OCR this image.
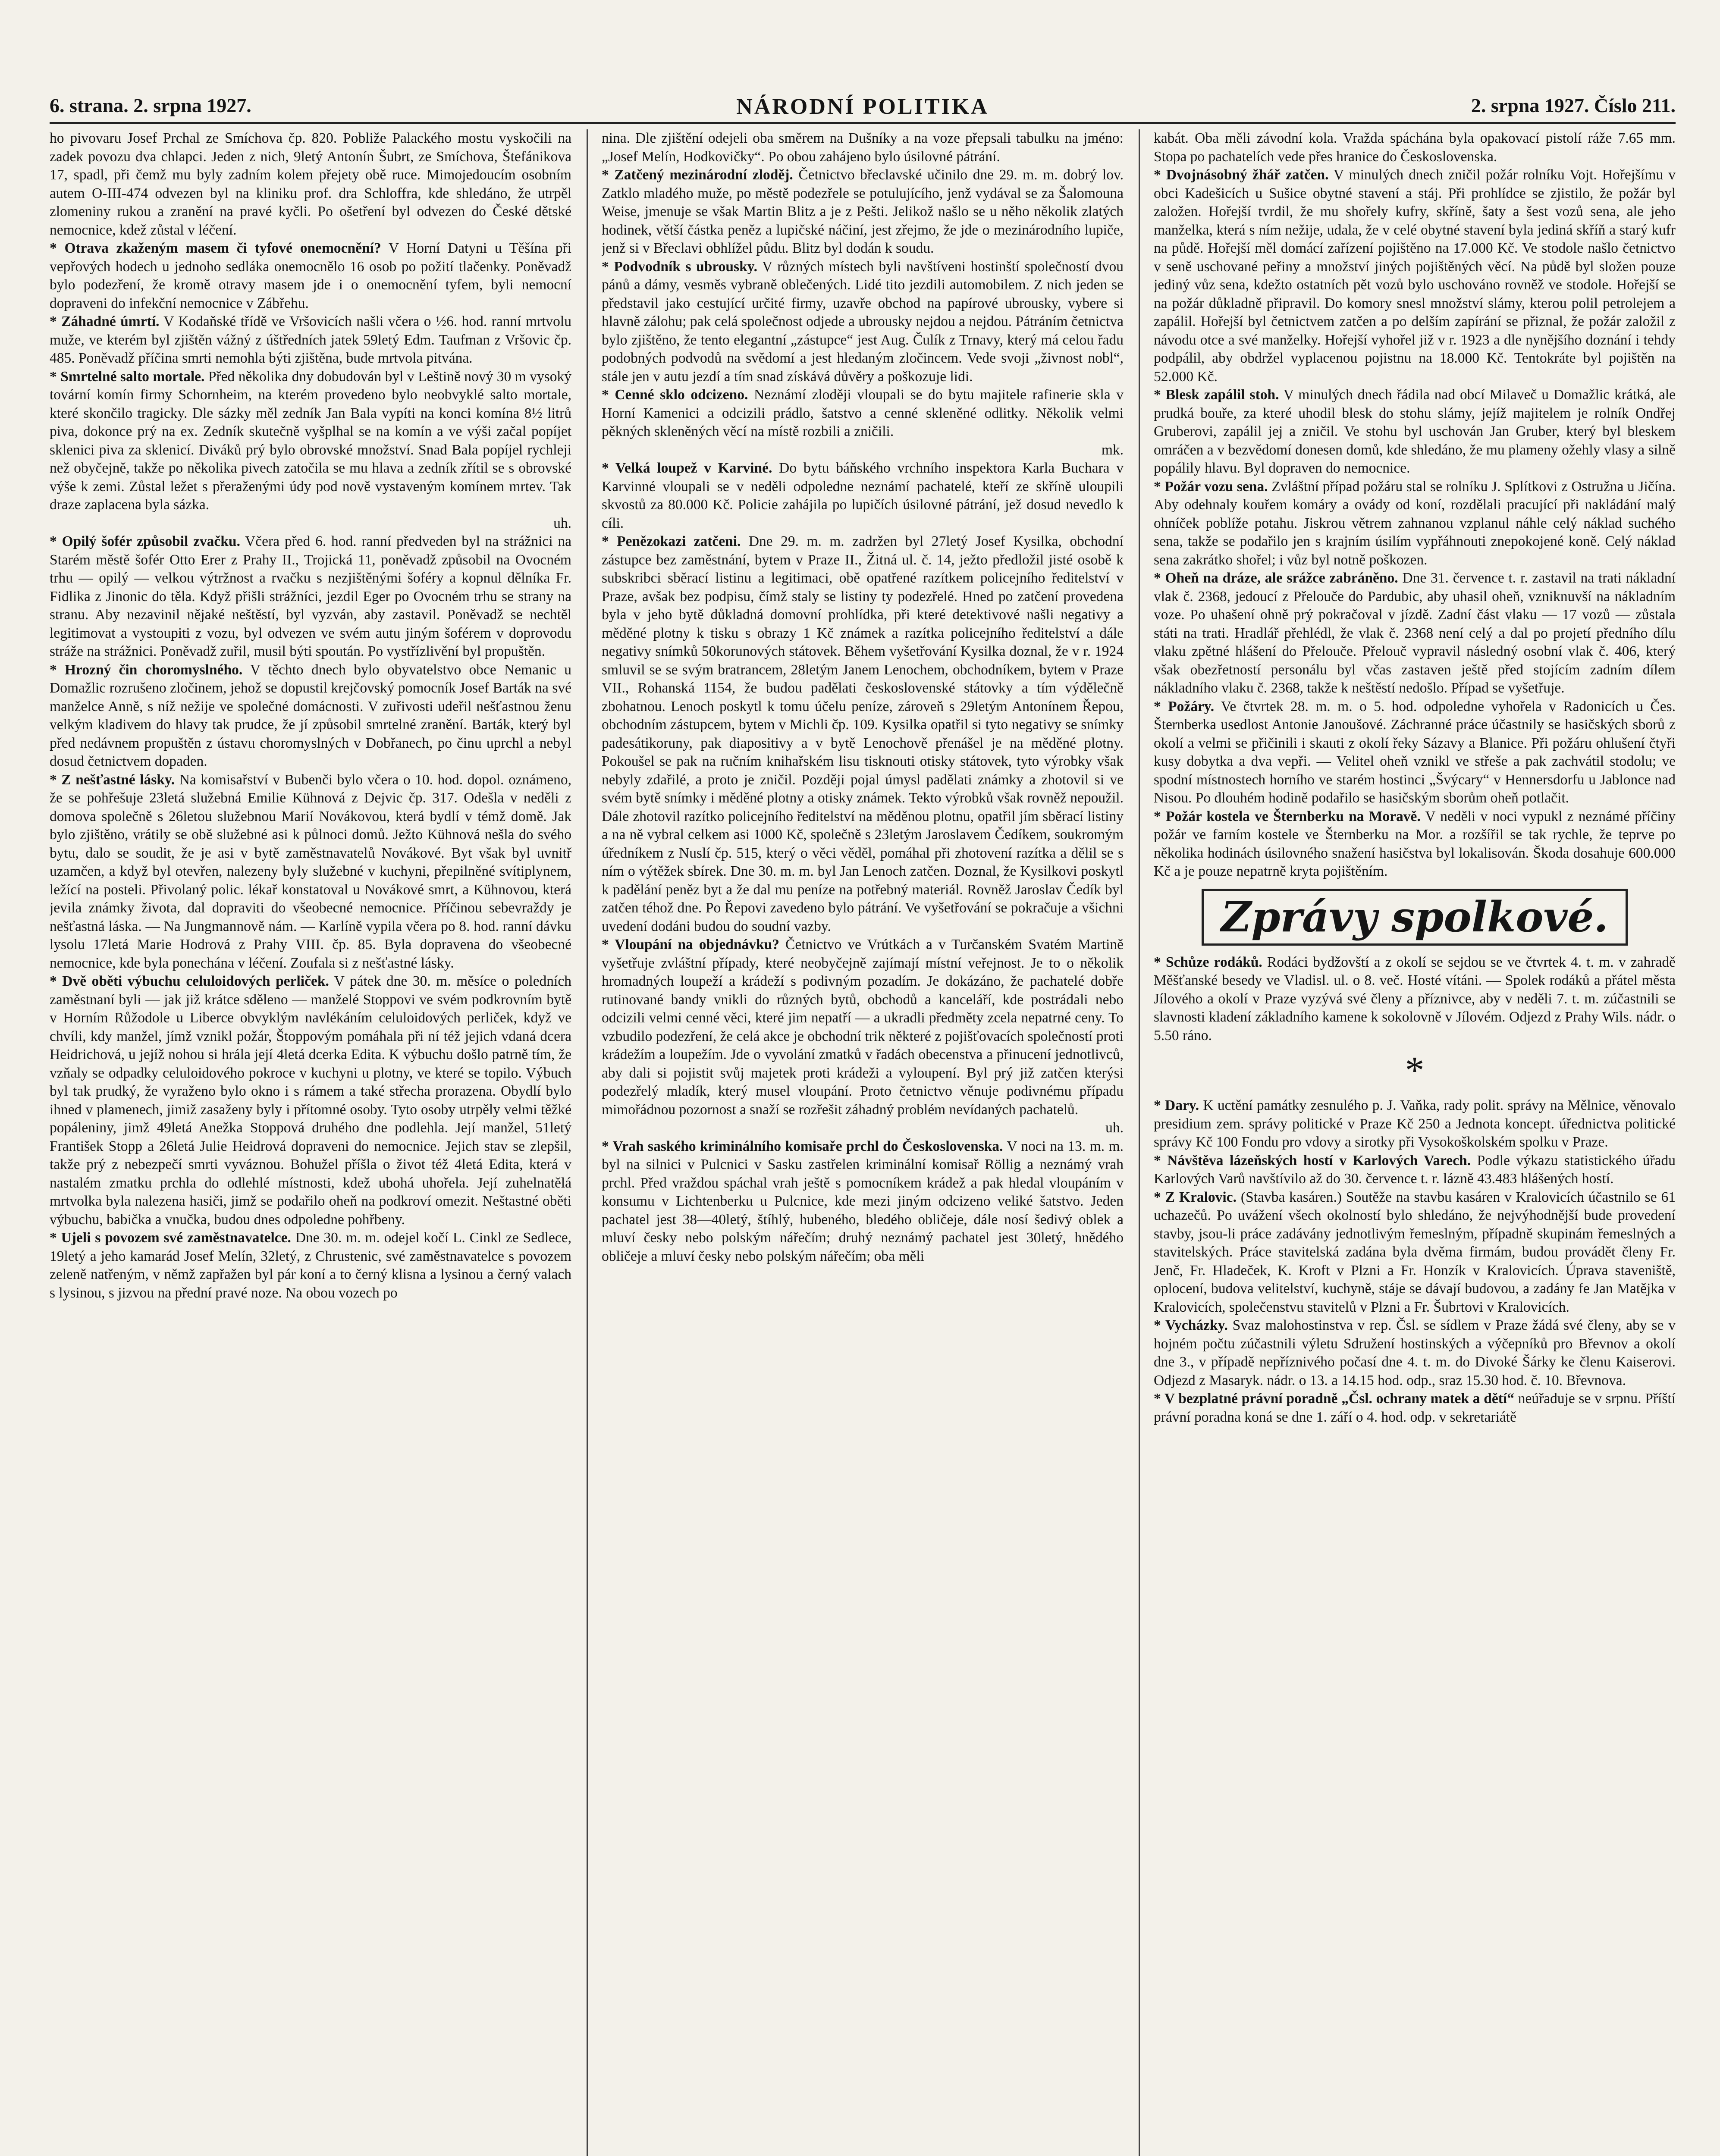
6. strana. 2. srpna 1927.	NÁRODNÍ POLITIKA	2. srpna 1927. Číslo 211.

ho pivovaru Josef Prchal ze Smíchova čp. 820. Pobliže Palackého mostu vyskočili na zadek povozu dva chlapci. Jeden z nich, 9letý Antonín Šubrt, ze Smíchova, Štefánikova 17, spadl, při čemž mu byly zadním kolem přejety obě ruce. Mimojedoucím osobním autem O-III-474 odvezen byl na kliniku prof. dra Schloffra, kde shledáno, že utrpěl zlomeniny rukou a zranění na pravé kyčli. Po ošetření byl odvezen do České dětské nemocnice, kdež zůstal v léčení.

* Otrava zkaženým masem či tyfové onemocnění? V Horní Datyni u Těšína při vepřových hodech u jednoho sedláka onemocnělo 16 osob po požití tlačenky. Poněvadž bylo podezření, že kromě otravy masem jde i o onemocnění tyfem, byli nemocní dopraveni do infekční nemocnice v Zábřehu.

* Záhadné úmrtí. V Kodaňské třídě ve Vršovicích našli včera o ½6. hod. ranní mrtvolu muže, ve kterém byl zjištěn vážný z úštředních jatek 59letý Edm. Taufman z Vršovic čp. 485. Poněvadž příčina smrti nemohla býti zjištěna, bude mrtvola pitvána.

* Smrtelné salto mortale. Před několika dny dobudován byl v Leštině nový 30 m vysoký tovární komín firmy Schornheim, na kterém provedeno bylo neobvyklé salto mortale, které skončilo tragicky. Dle sázky měl zedník Jan Bala vypíti na konci komína 8½ litrů piva, dokonce prý na ex. Zedník skutečně vyšplhal se na komín a ve výši začal popíjet sklenici piva za sklenicí. Diváků prý bylo obrovské množství. Snad Bala popíjel rychleji než obyčejně, takže po několika pivech zatočila se mu hlava a zedník zřítil se s obrovské výše k zemi. Zůstal ležet s přeraženými údy pod nově vystaveným komínem mrtev. Tak draze zaplacena byla sázka.
uh.

* Opilý šofér způsobil zvačku. Včera před 6. hod. ranní předveden byl na strážnici na Starém městě šofér Otto Erer z Prahy II., Trojická 11, poněvadž způsobil na Ovocném trhu — opilý — velkou výtržnost a rvačku s nezjištěnými šoféry a kopnul dělníka Fr. Fidlika z Jinonic do těla. Když přišli strážníci, jezdil Eger po Ovocném trhu se strany na stranu. Aby nezavinil nějaké neštěstí, byl vyzván, aby zastavil. Poněvadž se nechtěl legitimovat a vystoupiti z vozu, byl odvezen ve svém autu jiným šoférem v doprovodu stráže na strážnici. Poněvadž zuřil, musil býti spoután. Po vystřízlivění byl propuštěn.

* Hrozný čin choromyslného. V těchto dnech bylo obyvatelstvo obce Nemanic u Domažlic rozrušeno zločinem, jehož se dopustil krejčovský pomocník Josef Barták na své manželce Anně, s níž nežije ve společné domácnosti. V zuřivosti udeřil nešťastnou ženu velkým kladivem do hlavy tak prudce, že jí způsobil smrtelné zranění. Barták, který byl před nedávnem propuštěn z ústavu choromyslných v Dobřanech, po činu uprchl a nebyl dosud četnictvem dopaden.

* Z nešťastné lásky. Na komisařství v Bubenči bylo včera o 10. hod. dopol. oznámeno, že se pohřešuje 23letá služebná Emilie Kühnová z Dejvic čp. 317. Odešla v neděli z domova společně s 26letou služebnou Marií Novákovou, která bydlí v témž domě. Jak bylo zjištěno, vrátily se obě služebné asi k půlnoci domů. Ježto Kühnová nešla do svého bytu, dalo se soudit, že je asi v bytě zaměstnavatelů Novákové. Byt však byl uvnitř uzamčen, a když byl otevřen, nalezeny byly služebné v kuchyni, přepilněné svítiplynem, ležící na posteli. Přivolaný polic. lékař konstatoval u Novákové smrt, a Kühnovou, která jevila známky života, dal dopraviti do všeobecné nemocnice. Příčinou sebevraždy je nešťastná láska. — Na Jungmannově nám. — Karlíně vypila včera po 8. hod. ranní dávku lysolu 17letá Marie Hodrová z Prahy VIII. čp. 85. Byla dopravena do všeobecné nemocnice, kde byla ponechána v léčení. Zoufala si z nešťastné lásky.

* Dvě oběti výbuchu celuloidových perliček. V pátek dne 30. m. měsíce o poledních zaměstnaní byli — jak již krátce sděleno — manželé Stoppovi ve svém podkrovním bytě v Horním Růžodole u Liberce obvyklým navlékáním celuloidových perliček, když ve chvíli, kdy manžel, jímž vznikl požár, Štoppovým pomáhala při ní též jejich vdaná dcera Heidrichová, u jejíž nohou si hrála její 4letá dcerka Edita. K výbuchu došlo patrně tím, že vzňaly se odpadky celuloidového pokroce v kuchyni u plotny, ve které se topilo. Výbuch byl tak prudký, že vyraženo bylo okno i s rámem a také střecha prorazena. Obydlí bylo ihned v plamenech, jimiž zasaženy byly i přítomné osoby. Tyto osoby utrpěly velmi těžké popáleniny, jimž 49letá Anežka Stoppová druhého dne podlehla. Její manžel, 51letý František Stopp a 26letá Julie Heidrová dopraveni do nemocnice. Jejich stav se zlepšil, takže prý z nebezpečí smrti vyváznou. Bohužel příšla o život též 4letá Edita, která v nastalém zmatku prchla do odlehlé místnosti, kdež ubohá uhořela. Její zuhelnatělá mrtvolka byla nalezena hasiči, jimž se podařilo oheň na podkroví omezit. Neštastné oběti výbuchu, babička a vnučka, budou dnes odpoledne pohřbeny.

* Ujeli s povozem své zaměstnavatelce. Dne 30. m. m. odejel kočí L. Cinkl ze Sedlece, 19letý a jeho kamarád Josef Melín, 32letý, z Chrustenic, své zaměstnavatelce s povozem zeleně natřeným, v němž zapřažen byl pár koní a to černý klisna a lysinou a černý valach s lysinou, s jizvou na přední pravé noze. Na obou vozech po

nina. Dle zjištění odejeli oba směrem na Dušníky a na voze přepsali tabulku na jméno: „Josef Melín, Hodkovičky“. Po obou zahájeno bylo úsilovné pátrání.

* Zatčený mezinárodní zloděj. Četnictvo břeclavské učinilo dne 29. m. m. dobrý lov. Zatklo mladého muže, po městě podezřele se potulujícího, jenž vydával se za Šalomouna Weise, jmenuje se však Martin Blitz a je z Pešti. Jelikož našlo se u něho několik zlatých hodinek, větší částka peněz a lupičské náčiní, jest zřejmo, že jde o mezinárodního lupiče, jenž si v Břeclavi obhlížel půdu. Blitz byl dodán k soudu.

* Podvodník s ubrousky. V různých místech byli navštíveni hostinští společností dvou pánů a dámy, vesměs vybraně oblečených. Lidé tito jezdili automobilem. Z nich jeden se představil jako cestující určité firmy, uzavře obchod na papírové ubrousky, vybere si hlavně zálohu; pak celá společnost odjede a ubrousky nejdou a nejdou. Pátráním četnictva bylo zjištěno, že tento elegantní „zástupce“ jest Aug. Čulík z Trnavy, který má celou řadu podobných podvodů na svědomí a jest hledaným zločincem. Vede svoji „živnost nobl“, stále jen v autu jezdí a tím snad získává důvěry a poškozuje lidi.

* Cenné sklo odcizeno. Neznámí zloději vloupali se do bytu majitele rafinerie skla v Horní Kamenici a odcizili prádlo, šatstvo a cenné skleněné odlitky. Několik velmi pěkných skleněných věcí na místě rozbili a zničili.
mk.

* Velká loupež v Karviné. Do bytu báňského vrchního inspektora Karla Buchara v Karvinné vloupali se v neděli odpoledne neznámí pachatelé, kteří ze skříně uloupili skvostů za 80.000 Kč. Policie zahájila po lupičích úsilovné pátrání, jež dosud nevedlo k cíli.

* Penězokazi zatčeni. Dne 29. m. m. zadržen byl 27letý Josef Kysilka, obchodní zástupce bez zaměstnání, bytem v Praze II., Žitná ul. č. 14, ježto předložil jisté osobě k subskribci sběrací listinu a legitimaci, obě opatřené razítkem policejního ředitelství v Praze, avšak bez podpisu, čímž staly se listiny ty podezřelé. Hned po zatčení provedena byla v jeho bytě důkladná domovní prohlídka, při které detektivové našli negativy a měděné plotny k tisku s obrazy 1 Kč známek a razítka policejního ředitelství a dále negativy snímků 50korunových státovek. Během vyšetřování Kysilka doznal, že v r. 1924 smluvil se se svým bratrancem, 28letým Janem Lenochem, obchodníkem, bytem v Praze VII., Rohanská 1154, že budou padělati československé státovky a tím výdělečně zbohatnou. Lenoch poskytl k tomu účelu peníze, zároveň s 29letým Antonínem Řepou, obchodním zástupcem, bytem v Michli čp. 109. Kysilka opatřil si tyto negativy se snímky padesátikoruny, pak diapositivy a v bytě Lenochově přenášel je na měděné plotny. Pokoušel se pak na ručním knihařském lisu tisknouti otisky státovek, tyto výrobky však nebyly zdařilé, a proto je zničil. Později pojal úmysl padělati známky a zhotovil si ve svém bytě snímky i měděné plotny a otisky známek. Tekto výrobků však rovněž nepoužil. Dále zhotovil razítko policejního ředitelství na měděnou plotnu, opatřil jím sběrací listiny a na ně vybral celkem asi 1000 Kč, společně s 23letým Jaroslavem Čedíkem, soukromým úředníkem z Nuslí čp. 515, který o věci věděl, pomáhal při zhotovení razítka a dělil se s ním o výtěžek sbírek. Dne 30. m. m. byl Jan Lenoch zatčen. Doznal, že Kysilkovi poskytl k padělání peněz byt a že dal mu peníze na potřebný materiál. Rovněž Jaroslav Čedík byl zatčen téhož dne. Po Řepovi zavedeno bylo pátrání. Ve vyšetřování se pokračuje a všichni uvedení dodáni budou do soudní vazby.

* Vloupání na objednávku? Četnictvo ve Vrútkách a v Turčanském Svatém Martině vyšetřuje zvláštní případy, které neobyčejně zajímají místní veřejnost. Je to o několik hromadných loupeží a krádeží s podivným pozadím. Je dokázáno, že pachatelé dobře rutinované bandy vnikli do různých bytů, obchodů a kanceláří, kde postrádali nebo odcizili velmi cenné věci, které jim nepatří — a ukradli předměty zcela nepatrné ceny. To vzbudilo podezření, že celá akce je obchodní trik některé z pojišťovacích společností proti krádežím a loupežím. Jde o vyvolání zmatků v řadách obecenstva a přinucení jednotlivců, aby dali si pojistit svůj majetek proti krádeži a vyloupení. Byl prý již zatčen kterýsi podezřelý mladík, který musel vloupání. Proto četnictvo věnuje podivnému případu mimořádnou pozornost a snaží se rozřešit záhadný problém nevídaných pachatelů.
uh.

* Vrah saského kriminálního komisaře prchl do Československa. V noci na 13. m. m. byl na silnici v Pulcnici v Sasku zastřelen kriminální komisař Röllig a neznámý vrah prchl. Před vraždou spáchal vrah ještě s pomocníkem krádež a pak hledal vloupáním v konsumu v Lichtenberku u Pulcnice, kde mezi jiným odcizeno veliké šatstvo. Jeden pachatel jest 38—40letý, štíhlý, hubeného, bledého obličeje, dále nosí šedivý oblek a mluví česky nebo polským nářečím; druhý neznámý pachatel jest 30letý, hnědého obličeje a mluví česky nebo polským nářečím; oba měli

kabát. Oba měli závodní kola. Vražda spáchána byla opakovací pistolí ráže 7.65 mm. Stopa po pachatelích vede přes hranice do Československa.

* Dvojnásobný žhář zatčen. V minulých dnech zničil požár rolníku Vojt. Hořejšímu v obci Kadešicích u Sušice obytné stavení a stáj. Při prohlídce se zjistilo, že požár byl založen. Hořejší tvrdil, že mu shořely kufry, skříně, šaty a šest vozů sena, ale jeho manželka, která s ním nežije, udala, že v celé obytné stavení byla jediná skříň a starý kufr na půdě. Hořejší měl domácí zařízení pojištěno na 17.000 Kč. Ve stodole našlo četnictvo v seně uschované peřiny a množství jiných pojištěných věcí. Na půdě byl složen pouze jediný vůz sena, kdežto ostatních pět vozů bylo uschováno rovněž ve stodole. Hořejší se na požár důkladně připravil. Do komory snesl množství slámy, kterou polil petrolejem a zapálil. Hořejší byl četnictvem zatčen a po delším zapírání se přiznal, že požár založil z návodu otce a své manželky. Hořejší vyhořel již v r. 1923 a dle nynějšího doznání i tehdy podpálil, aby obdržel vyplacenou pojistnu na 18.000 Kč. Tentokráte byl pojištěn na 52.000 Kč.

* Blesk zapálil stoh. V minulých dnech řádila nad obcí Milaveč u Domažlic krátká, ale prudká bouře, za které uhodil blesk do stohu slámy, jejíž majitelem je rolník Ondřej Gruberovi, zapálil jej a zničil. Ve stohu byl uschován Jan Gruber, který byl bleskem omráčen a v bezvědomí donesen domů, kde shledáno, že mu plameny ožehly vlasy a silně popálily hlavu. Byl dopraven do nemocnice.

* Požár vozu sena. Zvláštní případ požáru stal se rolníku J. Splítkovi z Ostružna u Jičína. Aby odehnaly kouřem komáry a ovády od koní, rozdělali pracující při nakládání malý ohníček poblíže potahu. Jiskrou větrem zahnanou vzplanul náhle celý náklad suchého sena, takže se podařilo jen s krajním úsilím vypřáhnouti znepokojené koně. Celý náklad sena zakrátko shořel; i vůz byl notně poškozen.

* Oheň na dráze, ale srážce zabráněno. Dne 31. července t. r. zastavil na trati nákladní vlak č. 2368, jedoucí z Přelouče do Pardubic, aby uhasil oheň, vzniknuvší na nákladním voze. Po uhašení ohně prý pokračoval v jízdě. Zadní část vlaku — 17 vozů — zůstala státi na trati. Hradlář přehlédl, že vlak č. 2368 není celý a dal po projetí předního dílu vlaku zpětné hlášení do Přelouče. Přelouč vypravil následný osobní vlak č. 406, který však obezřetností personálu byl včas zastaven ještě před stojícím zadním dílem nákladního vlaku č. 2368, takže k neštěstí nedošlo. Případ se vyšetřuje.

* Požáry. Ve čtvrtek 28. m. m. o 5. hod. odpoledne vyhořela v Radonicích u Čes. Šternberka usedlost Antonie Janoušové. Záchranné práce účastnily se hasičských sborů z okolí a velmi se přičinili i skauti z okolí řeky Sázavy a Blanice. Při požáru ohlušení čtyři kusy dobytka a dva vepři. — Velitel oheň vznikl ve střeše a pak zachvátil stodolu; ve spodní místnostech horního ve starém hostinci „Švýcary“ v Hennersdorfu u Jablonce nad Nisou. Po dlouhém hodině podařilo se hasičským sborům oheň potlačit.

* Požár kostela ve Šternberku na Moravě. V neděli v noci vypukl z neznámé příčiny požár ve farním kostele ve Šternberku na Mor. a rozšířil se tak rychle, že teprve po několika hodinách úsilovného snažení hasičstva byl lokalisován. Škoda dosahuje 600.000 Kč a je pouze nepatrně kryta pojištěním.

Zprávy spolkové.

* Schůze rodáků. Rodáci bydžovští a z okolí se sejdou se ve čtvrtek 4. t. m. v zahradě Měšťanské besedy ve Vladisl. ul. o 8. več. Hosté vítáni. — Spolek rodáků a přátel města Jílového a okolí v Praze vyzývá své členy a příznivce, aby v neděli 7. t. m. zúčastnili se slavnosti kladení základního kamene k sokolovně v Jílovém. Odjezd z Prahy Wils. nádr. o 5.50 ráno.

*

* Dary. K uctění památky zesnulého p. J. Vaňka, rady polit. správy na Mělnice, věnovalo presidium zem. správy politické v Praze Kč 250 a Jednota koncept. úřednictva politické správy Kč 100 Fondu pro vdovy a sirotky při Vysokoškolském spolku v Praze.

* Návštěva lázeňských hostí v Karlových Varech. Podle výkazu statistického úřadu Karlových Varů navštívilo až do 30. července t. r. lázně 43.483 hlášených hostí.

* Z Kralovic. (Stavba kasáren.) Soutěže na stavbu kasáren v Kralovicích účastnilo se 61 uchazečů. Po uvážení všech okolností bylo shledáno, že nejvýhodnější bude provedení stavby, jsou-li práce zadávány jednotlivým řemeslným, případně skupinám řemeslných a stavitelských. Práce stavitelská zadána byla dvěma firmám, budou provádět členy Fr. Jenč, Fr. Hladeček, K. Kroft v Plzni a Fr. Honzík v Kralovicích. Úprava staveniště, oplocení, budova velitelství, kuchyně, stáje se dávají budovou, a zadány fe Jan Matějka v Kralovicích, společenstvu stavitelů v Plzni a Fr. Šubrtovi v Kralovicích.

* Vycházky. Svaz malohostinstva v rep. Čsl. se sídlem v Praze žádá své členy, aby se v hojném počtu zúčastnili výletu Sdružení hostinských a výčepníků pro Břevnov a okolí dne 3., v případě nepříznivého počasí dne 4. t. m. do Divoké Šárky ke členu Kaiserovi. Odjezd z Masaryk. nádr. o 13. a 14.15 hod. odp., sraz 15.30 hod. č. 10. Břevnova.

* V bezplatné právní poradně „Čsl. ochrany matek a dětí“ neúřaduje se v srpnu. Příští právní poradna koná se dne 1. září o 4. hod. odp. v sekretariátě
